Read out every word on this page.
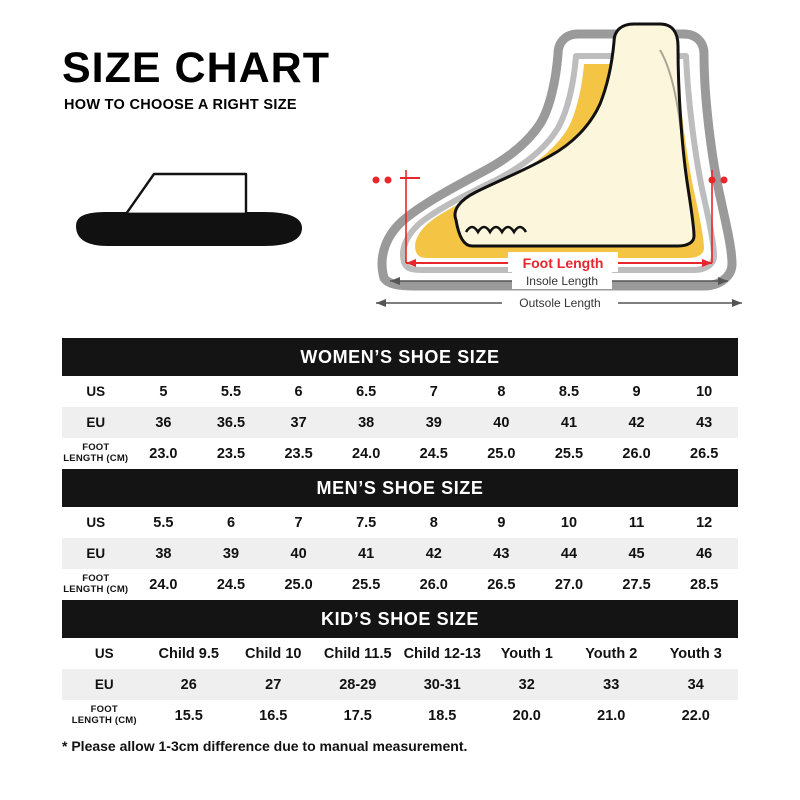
SIZE CHART
HOW TO CHOOSE A RIGHT SIZE
Foot Length
Insole Length
Outsole Length
WOMEN’S SHOE SIZE									
US	5	5.5	6	6.5	7	8	8.5	9	10
EU	36	36.5	37	38	39	40	41	42	43
FOOT
LENGTH (CM)	23.0	23.5	23.5	24.0	24.5	25.0	25.5	26.0	26.5
MEN’S SHOE SIZE									
US	5.5	6	7	7.5	8	9	10	11	12
EU	38	39	40	41	42	43	44	45	46
FOOT
LENGTH (CM)	24.0	24.5	25.0	25.5	26.0	26.5	27.0	27.5	28.5
KID’S SHOE SIZE							
US	Child 9.5	Child 10	Child 11.5	Child 12-13	Youth 1	Youth 2	Youth 3
EU	26	27	28-29	30-31	32	33	34
FOOT
LENGTH (CM)	15.5	16.5	17.5	18.5	20.0	21.0	22.0
* Please allow 1-3cm difference due to manual measurement.
